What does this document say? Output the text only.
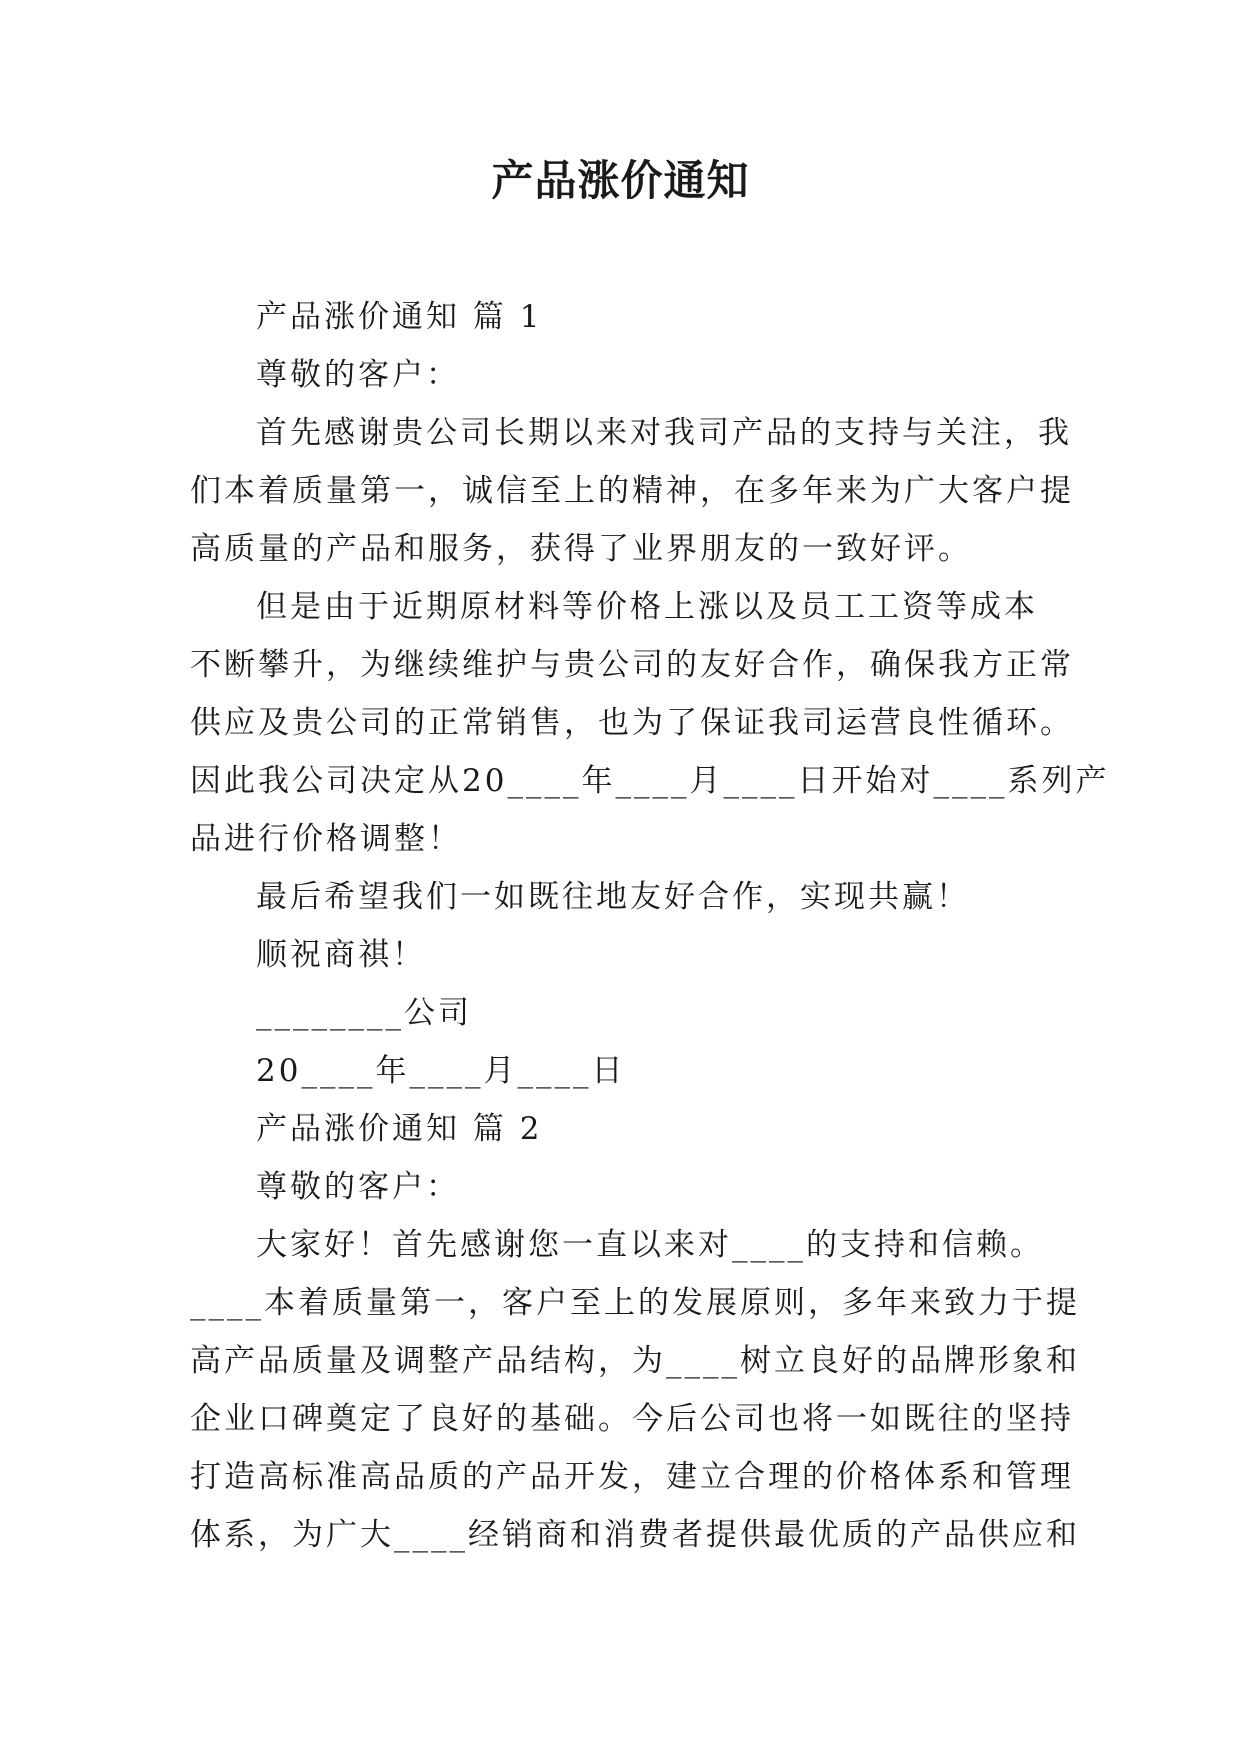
产品涨价通知
产品涨价通知 篇 1
尊敬的客户：
首先感谢贵公司长期以来对我司产品的支持与关注，我
们本着质量第一，诚信至上的精神，在多年来为广大客户提
高质量的产品和服务，获得了业界朋友的一致好评。
但是由于近期原材料等价格上涨以及员工工资等成本
不断攀升，为继续维护与贵公司的友好合作，确保我方正常
供应及贵公司的正常销售，也为了保证我司运营良性循环。
因此我公司决定从20____年____月____日开始对____系列产
品进行价格调整！
最后希望我们一如既往地友好合作，实现共赢！
顺祝商祺！
________公司
20____年____月____日
产品涨价通知 篇 2
尊敬的客户：
大家好！首先感谢您一直以来对____的支持和信赖。
____本着质量第一，客户至上的发展原则，多年来致力于提
高产品质量及调整产品结构，为____树立良好的品牌形象和
企业口碑奠定了良好的基础。今后公司也将一如既往的坚持
打造高标准高品质的产品开发，建立合理的价格体系和管理
体系，为广大____经销商和消费者提供最优质的产品供应和
